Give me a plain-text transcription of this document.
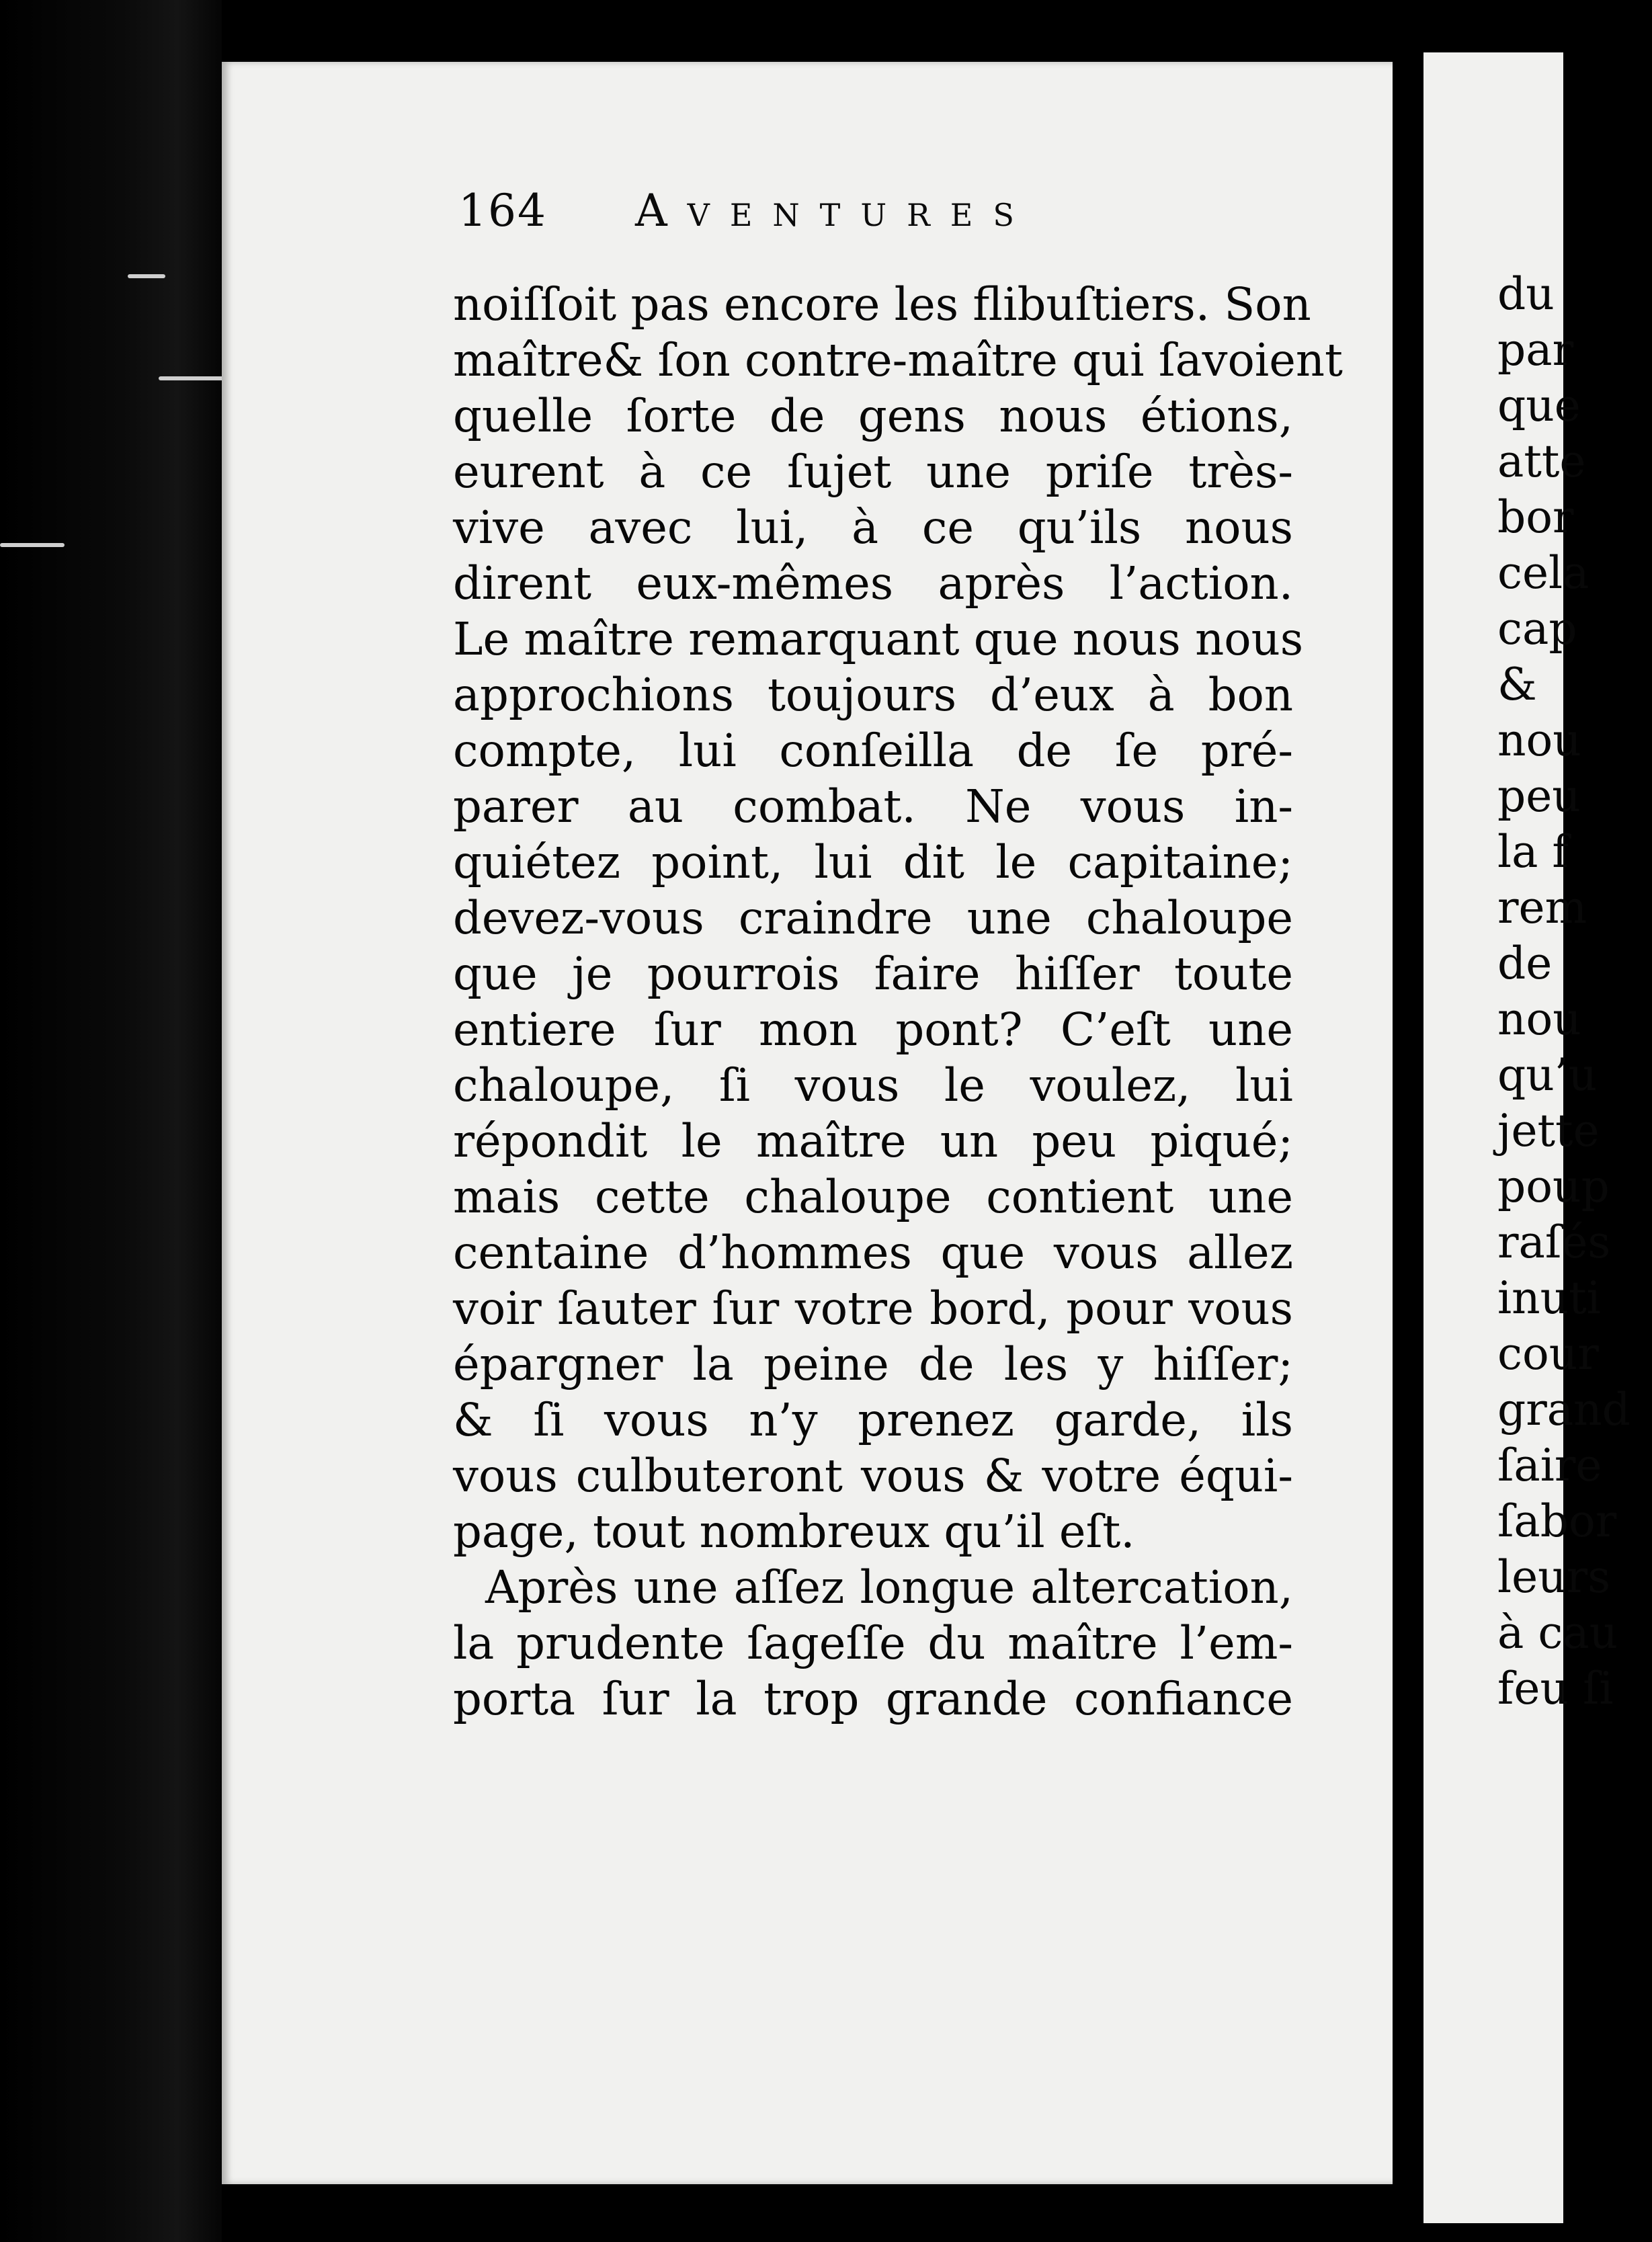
164 Aventures
noiſſoit pas encore les flibuſtiers. Son
maître& ſon contre-maître qui ſavoient
quelle ſorte de gens nous étions,
eurent à ce ſujet une priſe très-
vive avec lui, à ce qu’ils nous
dirent eux-mêmes après l’action.
Le maître remarquant que nous nous
approchions toujours d’eux à bon
compte, lui conſeilla de ſe pré-
parer au combat. Ne vous in-
quiétez point, lui dit le capitaine;
devez-vous craindre une chaloupe
que je pourrois faire hiſſer toute
entiere ſur mon pont? C’eſt une
chaloupe, ſi vous le voulez, lui
répondit le maître un peu piqué;
mais cette chaloupe contient une
centaine d’hommes que vous allez
voir ſauter ſur votre bord, pour vous
épargner la peine de les y hiſſer;
& ſi vous n’y prenez garde, ils
vous culbuteront vous & votre équi-
page, tout nombreux qu’il eſt.
Après une aſſez longue altercation,
la prudente ſageſſe du maître l’em-
porta ſur la trop grande confiance
du
par
que
atte
bor
cela
cap
&
nou
peu
la f
rem
de
nou
qu’u
jette
poup
raſés
inuti
cour
grand
ſaire
ſabor
leurs
à cau
feu ſi
